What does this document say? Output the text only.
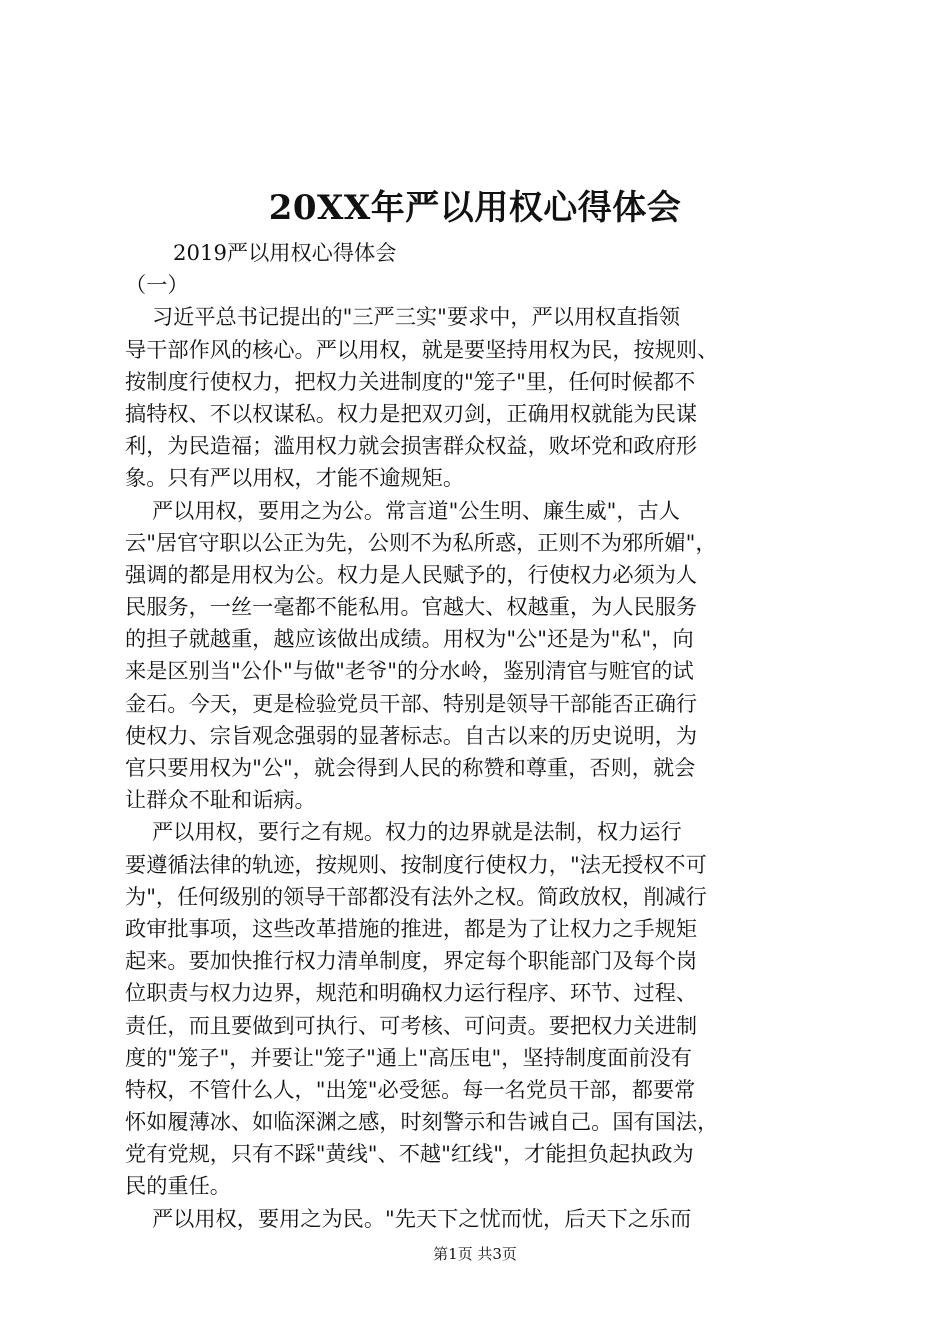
20XX年严以用权心得体会
2019严以用权心得体会
（一）
习近平总书记提出的"三严三实"要求中，严以用权直指领
导干部作风的核心。严以用权，就是要坚持用权为民，按规则、
按制度行使权力，把权力关进制度的"笼子"里，任何时候都不
搞特权、不以权谋私。权力是把双刃剑，正确用权就能为民谋
利，为民造福；滥用权力就会损害群众权益，败坏党和政府形
象。只有严以用权，才能不逾规矩。
严以用权，要用之为公。常言道"公生明、廉生威"，古人
云"居官守职以公正为先，公则不为私所惑，正则不为邪所媚"，
强调的都是用权为公。权力是人民赋予的，行使权力必须为人
民服务，一丝一毫都不能私用。官越大、权越重，为人民服务
的担子就越重，越应该做出成绩。用权为"公"还是为"私"，向
来是区别当"公仆"与做"老爷"的分水岭，鉴别清官与赃官的试
金石。今天，更是检验党员干部、特别是领导干部能否正确行
使权力、宗旨观念强弱的显著标志。自古以来的历史说明，为
官只要用权为"公"，就会得到人民的称赞和尊重，否则，就会
让群众不耻和诟病。
严以用权，要行之有规。权力的边界就是法制，权力运行
要遵循法律的轨迹，按规则、按制度行使权力，"法无授权不可
为"，任何级别的领导干部都没有法外之权。简政放权，削减行
政审批事项，这些改革措施的推进，都是为了让权力之手规矩
起来。要加快推行权力清单制度，界定每个职能部门及每个岗
位职责与权力边界，规范和明确权力运行程序、环节、过程、
责任，而且要做到可执行、可考核、可问责。要把权力关进制
度的"笼子"，并要让"笼子"通上"高压电"，坚持制度面前没有
特权，不管什么人，"出笼"必受惩。每一名党员干部，都要常
怀如履薄冰、如临深渊之感，时刻警示和告诫自己。国有国法，
党有党规，只有不踩"黄线"、不越"红线"，才能担负起执政为
民的重任。
严以用权，要用之为民。"先天下之忧而忧，后天下之乐而
第1页 共3页
